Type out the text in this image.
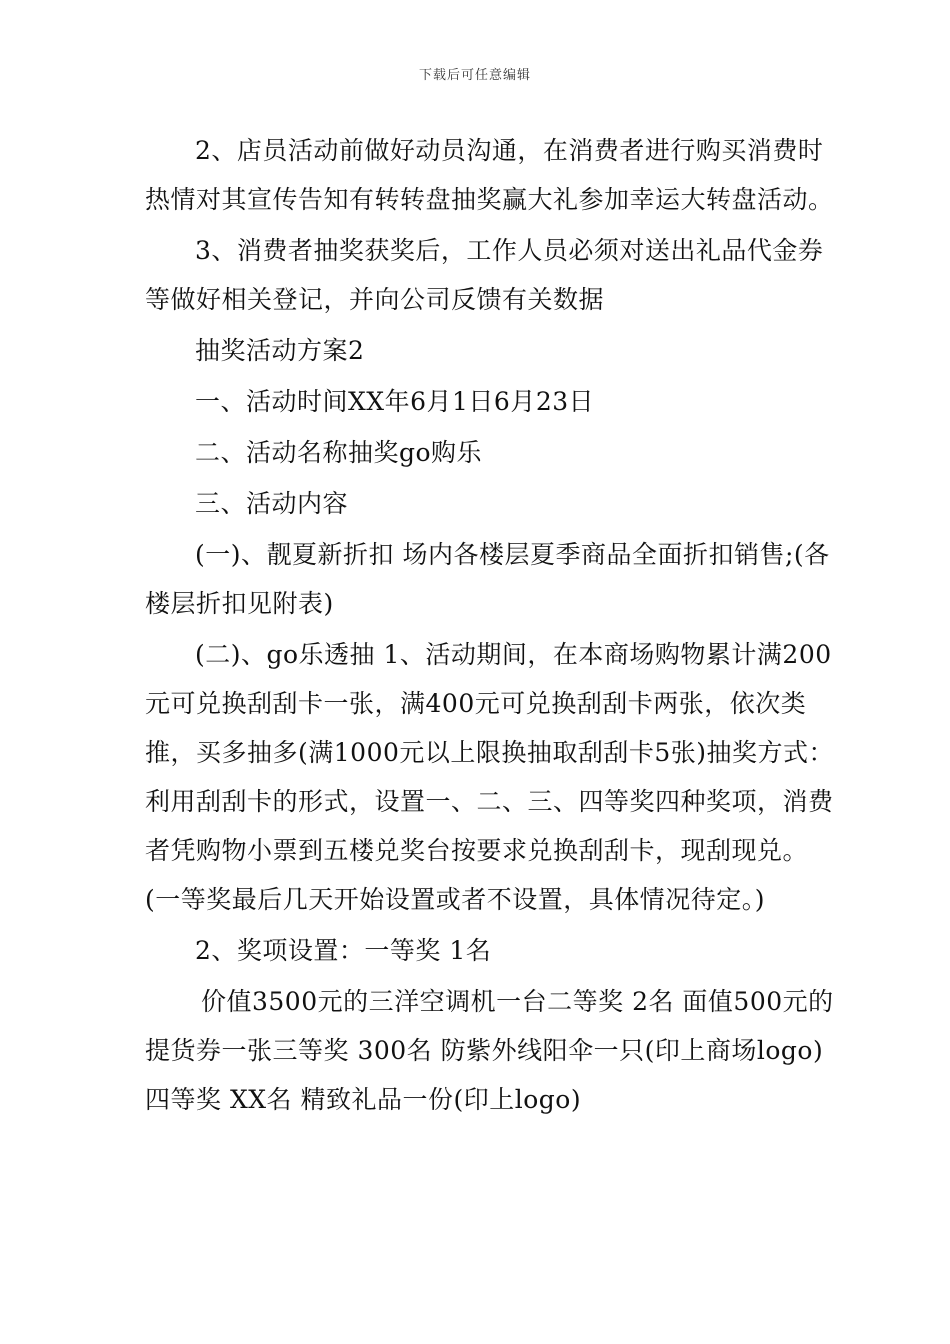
下载后可任意编辑

2、店员活动前做好动员沟通，在消费者进行购买消费时热情对其宣传告知有转转盘抽奖赢大礼参加幸运大转盘活动。

3、消费者抽奖获奖后，工作人员必须对送出礼品代金券等做好相关登记，并向公司反馈有关数据

抽奖活动方案2

一、活动时间XX年6月1日6月23日

二、活动名称抽奖go购乐

三、活动内容

(一)、靓夏新折扣 场内各楼层夏季商品全面折扣销售;(各楼层折扣见附表)

(二)、go乐透抽 1、活动期间，在本商场购物累计满200元可兑换刮刮卡一张，满400元可兑换刮刮卡两张，依次类推，买多抽多(满1000元以上限换抽取刮刮卡5张)抽奖方式：利用刮刮卡的形式，设置一、二、三、四等奖四种奖项，消费者凭购物小票到五楼兑奖台按要求兑换刮刮卡，现刮现兑。(一等奖最后几天开始设置或者不设置，具体情况待定。)

2、奖项设置：一等奖 1名

价值3500元的三洋空调机一台二等奖 2名 面值500元的提货券一张三等奖 300名 防紫外线阳伞一只(印上商场logo)四等奖 XX名 精致礼品一份(印上logo)
